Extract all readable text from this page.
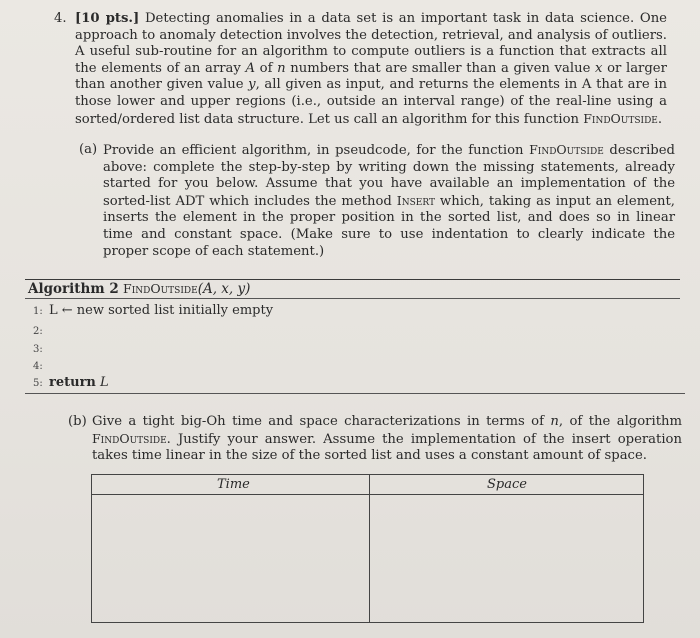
4. [10 pts.] Detecting anomalies in a data set is an important task in data science. One approach to anomaly detection involves the detection, retrieval, and analysis of outliers. A useful sub-routine for an algorithm to compute outliers is a function that extracts all the elements of an array A of n numbers that are smaller than a given value x or larger than another given value y, all given as input, and returns the elements in A that are in those lower and upper regions (i.e., outside an interval range) of the real-line using a sorted/ordered list data structure. Let us call an algorithm for this function FindOutside.
(a) Provide an efficient algorithm, in pseudcode, for the function FindOutside described above: complete the step-by-step by writing down the missing statements, already started for you below. Assume that you have available an implementation of the sorted-list ADT which includes the method Insert which, taking as input an element, inserts the element in the proper position in the sorted list, and does so in linear time and constant space. (Make sure to use indentation to clearly indicate the proper scope of each statement.)
Algorithm 2 FindOutside(A, x, y)
1: L ← new sorted list initially empty
2:
3:
4:
5: return L
(b) Give a tight big-Oh time and space characterizations in terms of n, of the algorithm FindOutside. Justify your answer. Assume the implementation of the insert operation takes time linear in the size of the sorted list and uses a constant amount of space.
Time	Space
